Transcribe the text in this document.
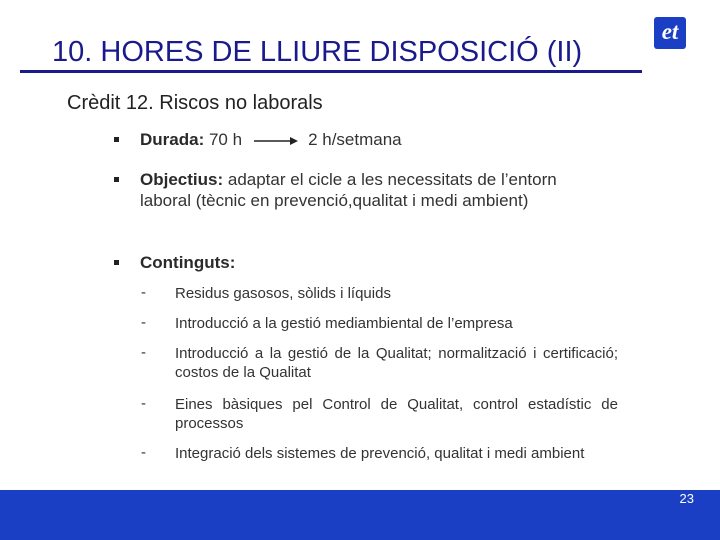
10. HORES DE LLIURE DISPOSICIÓ (II)
et
Crèdit 12. Riscos no laborals
Durada: 70 h	2 h/setmana
Objectius: adaptar el cicle a les necessitats de l’entorn laboral (tècnic en prevenció,qualitat i medi ambient)
Continguts:
- Residus gasosos, sòlids i líquids
- Introducció a la gestió mediambiental de l’empresa
- Introducció a la gestió de la Qualitat; normalització i certificació; costos de la Qualitat
- Eines bàsiques pel Control de Qualitat, control estadístic de processos
- Integració dels sistemes de prevenció, qualitat i medi ambient
23
